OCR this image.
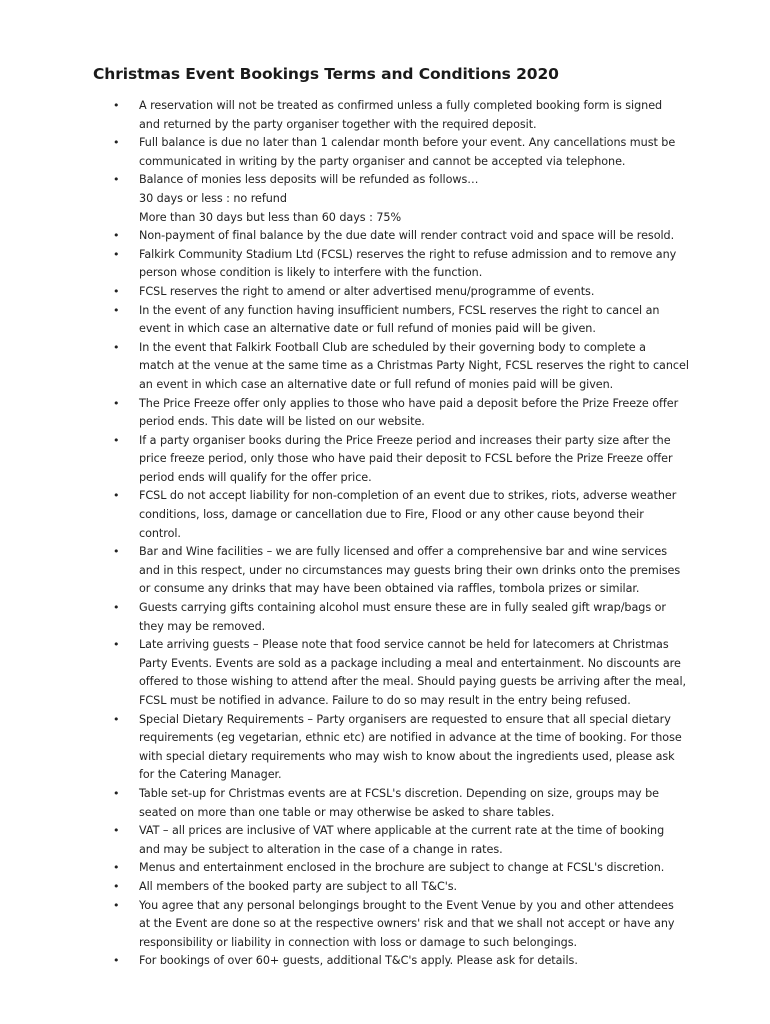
Christmas Event Bookings Terms and Conditions 2020
• A reservation will not be treated as confirmed unless a fully completed booking form is signed
and returned by the party organiser together with the required deposit.
• Full balance is due no later than 1 calendar month before your event. Any cancellations must be
communicated in writing by the party organiser and cannot be accepted via telephone.
• Balance of monies less deposits will be refunded as follows…
30 days or less : no refund
More than 30 days but less than 60 days : 75%
• Non-payment of final balance by the due date will render contract void and space will be resold.
• Falkirk Community Stadium Ltd (FCSL) reserves the right to refuse admission and to remove any
person whose condition is likely to interfere with the function.
• FCSL reserves the right to amend or alter advertised menu/programme of events.
• In the event of any function having insufficient numbers, FCSL reserves the right to cancel an
event in which case an alternative date or full refund of monies paid will be given.
• In the event that Falkirk Football Club are scheduled by their governing body to complete a
match at the venue at the same time as a Christmas Party Night, FCSL reserves the right to cancel
an event in which case an alternative date or full refund of monies paid will be given.
• The Price Freeze offer only applies to those who have paid a deposit before the Prize Freeze offer
period ends. This date will be listed on our website.
• If a party organiser books during the Price Freeze period and increases their party size after the
price freeze period, only those who have paid their deposit to FCSL before the Prize Freeze offer
period ends will qualify for the offer price.
• FCSL do not accept liability for non-completion of an event due to strikes, riots, adverse weather
conditions, loss, damage or cancellation due to Fire, Flood or any other cause beyond their
control.
• Bar and Wine facilities – we are fully licensed and offer a comprehensive bar and wine services
and in this respect, under no circumstances may guests bring their own drinks onto the premises
or consume any drinks that may have been obtained via raffles, tombola prizes or similar.
• Guests carrying gifts containing alcohol must ensure these are in fully sealed gift wrap/bags or
they may be removed.
• Late arriving guests – Please note that food service cannot be held for latecomers at Christmas
Party Events. Events are sold as a package including a meal and entertainment. No discounts are
offered to those wishing to attend after the meal. Should paying guests be arriving after the meal,
FCSL must be notified in advance. Failure to do so may result in the entry being refused.
• Special Dietary Requirements – Party organisers are requested to ensure that all special dietary
requirements (eg vegetarian, ethnic etc) are notified in advance at the time of booking. For those
with special dietary requirements who may wish to know about the ingredients used, please ask
for the Catering Manager.
• Table set-up for Christmas events are at FCSL's discretion. Depending on size, groups may be
seated on more than one table or may otherwise be asked to share tables.
• VAT – all prices are inclusive of VAT where applicable at the current rate at the time of booking
and may be subject to alteration in the case of a change in rates.
• Menus and entertainment enclosed in the brochure are subject to change at FCSL's discretion.
• All members of the booked party are subject to all T&C's.
• You agree that any personal belongings brought to the Event Venue by you and other attendees
at the Event are done so at the respective owners' risk and that we shall not accept or have any
responsibility or liability in connection with loss or damage to such belongings.
• For bookings of over 60+ guests, additional T&C's apply. Please ask for details.
